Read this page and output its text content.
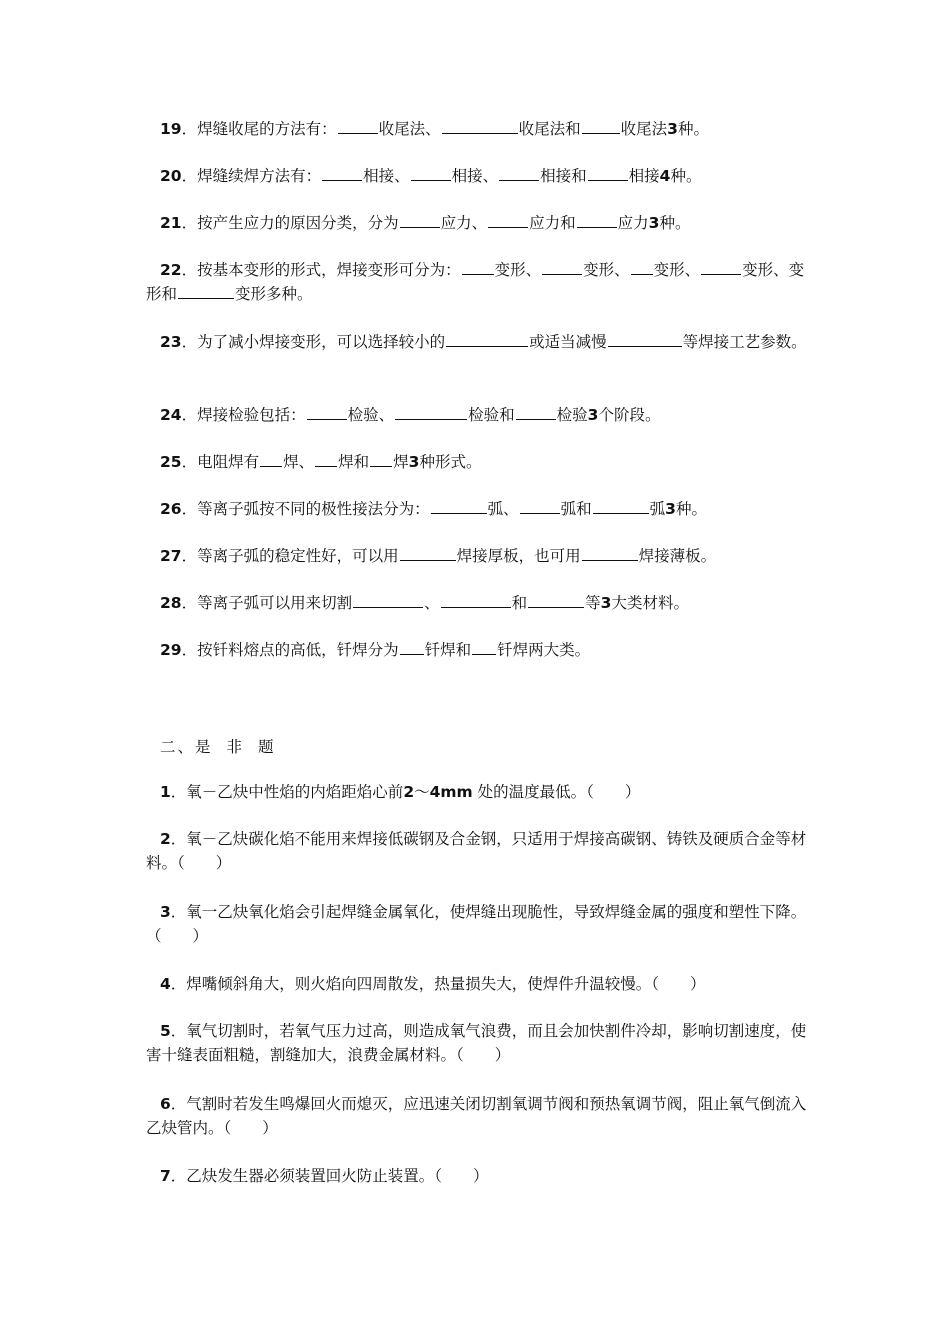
19．焊缝收尾的方法有：	收尾法、	收尾法和	收尾法3种。
20．焊缝续焊方法有：	相接、	相接、	相接和	相接4种。
21．按产生应力的原因分类，分为	应力、	应力和	应力3种。
22．按基本变形的形式，焊接变形可分为： 变形、	变形、 变形、	变形、变形和	变形多种。
23．为了减小焊接变形，可以选择较小的	或适当减慢	等焊接工艺参数。
24．焊接检验包括：	检验、	检验和	检验3个阶段。
25．电阻焊有 焊、 焊和 焊3种形式。
26．等离子弧按不同的极性接法分为：	弧、	弧和	弧3种。
27．等离子弧的稳定性好，可以用	焊接厚板，也可用	焊接薄板。
28．等离子弧可以用来切割	、	和	等3大类材料。
29．按钎料熔点的高低，钎焊分为 钎焊和 钎焊两大类。
二、是 非 题
1．氧－乙炔中性焰的内焰距焰心前2～4mm 处的温度最低。（　　）
2．氧－乙炔碳化焰不能用来焊接低碳钢及合金钢，只适用于焊接高碳钢、铸铁及硬质合金等材料。（　　）
3．氧一乙炔氧化焰会引起焊缝金属氧化，使焊缝出现脆性，导致焊缝金属的强度和塑性下降。（　　）
4．焊嘴倾斜角大，则火焰向四周散发，热量损失大，使焊件升温较慢。（　　）
5．氧气切割时，若氧气压力过高，则造成氧气浪费，而且会加快割件冷却，影响切割速度，使害十缝表面粗糙，割缝加大，浪费金属材料。（　　）
6．气割时若发生鸣爆回火而熄灭，应迅速关闭切割氧调节阀和预热氧调节阀，阻止氧气倒流入乙炔管内。（　　）
7．乙炔发生器必须装置回火防止装置。（　　）
